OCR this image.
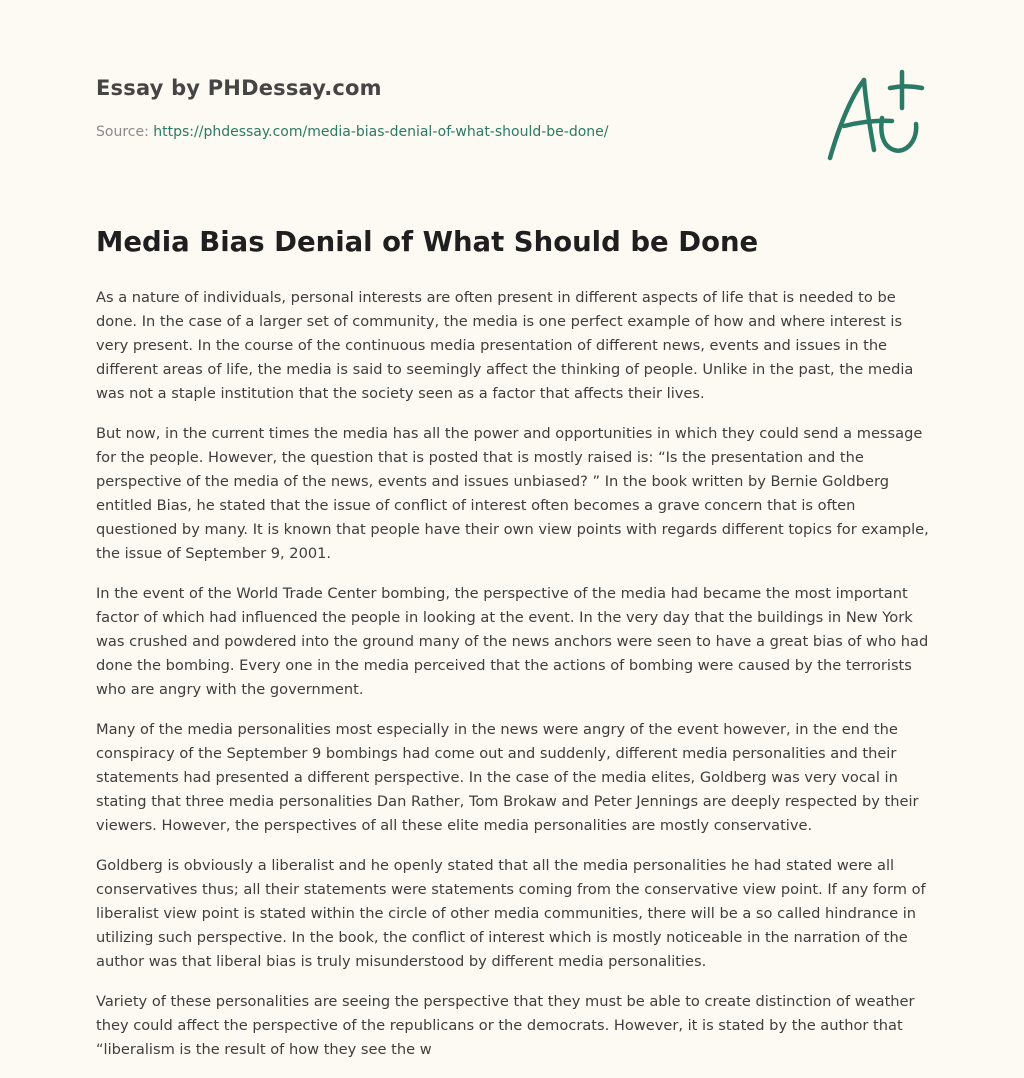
Essay by PHDessay.com
Source: https://phdessay.com/media-bias-denial-of-what-should-be-done/
Media Bias Denial of What Should be Done

As a nature of individuals, personal interests are often present in different aspects of life that is needed to be done. In the case of a larger set of community, the media is one perfect example of how and where interest is very present. In the course of the continuous media presentation of different news, events and issues in the different areas of life, the media is said to seemingly affect the thinking of people. Unlike in the past, the media was not a staple institution that the society seen as a factor that affects their lives.

But now, in the current times the media has all the power and opportunities in which they could send a message for the people. However, the question that is posted that is mostly raised is: “Is the presentation and the perspective of the media of the news, events and issues unbiased? ” In the book written by Bernie Goldberg entitled Bias, he stated that the issue of conflict of interest often becomes a grave concern that is often questioned by many. It is known that people have their own view points with regards different topics for example, the issue of September 9, 2001.

In the event of the World Trade Center bombing, the perspective of the media had became the most important factor of which had influenced the people in looking at the event. In the very day that the buildings in New York was crushed and powdered into the ground many of the news anchors were seen to have a great bias of who had done the bombing. Every one in the media perceived that the actions of bombing were caused by the terrorists who are angry with the government.

Many of the media personalities most especially in the news were angry of the event however, in the end the conspiracy of the September 9 bombings had come out and suddenly, different media personalities and their statements had presented a different perspective. In the case of the media elites, Goldberg was very vocal in stating that three media personalities Dan Rather, Tom Brokaw and Peter Jennings are deeply respected by their viewers. However, the perspectives of all these elite media personalities are mostly conservative.

Goldberg is obviously a liberalist and he openly stated that all the media personalities he had stated were all conservatives thus; all their statements were statements coming from the conservative view point. If any form of liberalist view point is stated within the circle of other media communities, there will be a so called hindrance in utilizing such perspective. In the book, the conflict of interest which is mostly noticeable in the narration of the author was that liberal bias is truly misunderstood by different media personalities.

Variety of these personalities are seeing the perspective that they must be able to create distinction of weather they could affect the perspective of the republicans or the democrats. However, it is stated by the author that “liberalism is the result of how they see the w
